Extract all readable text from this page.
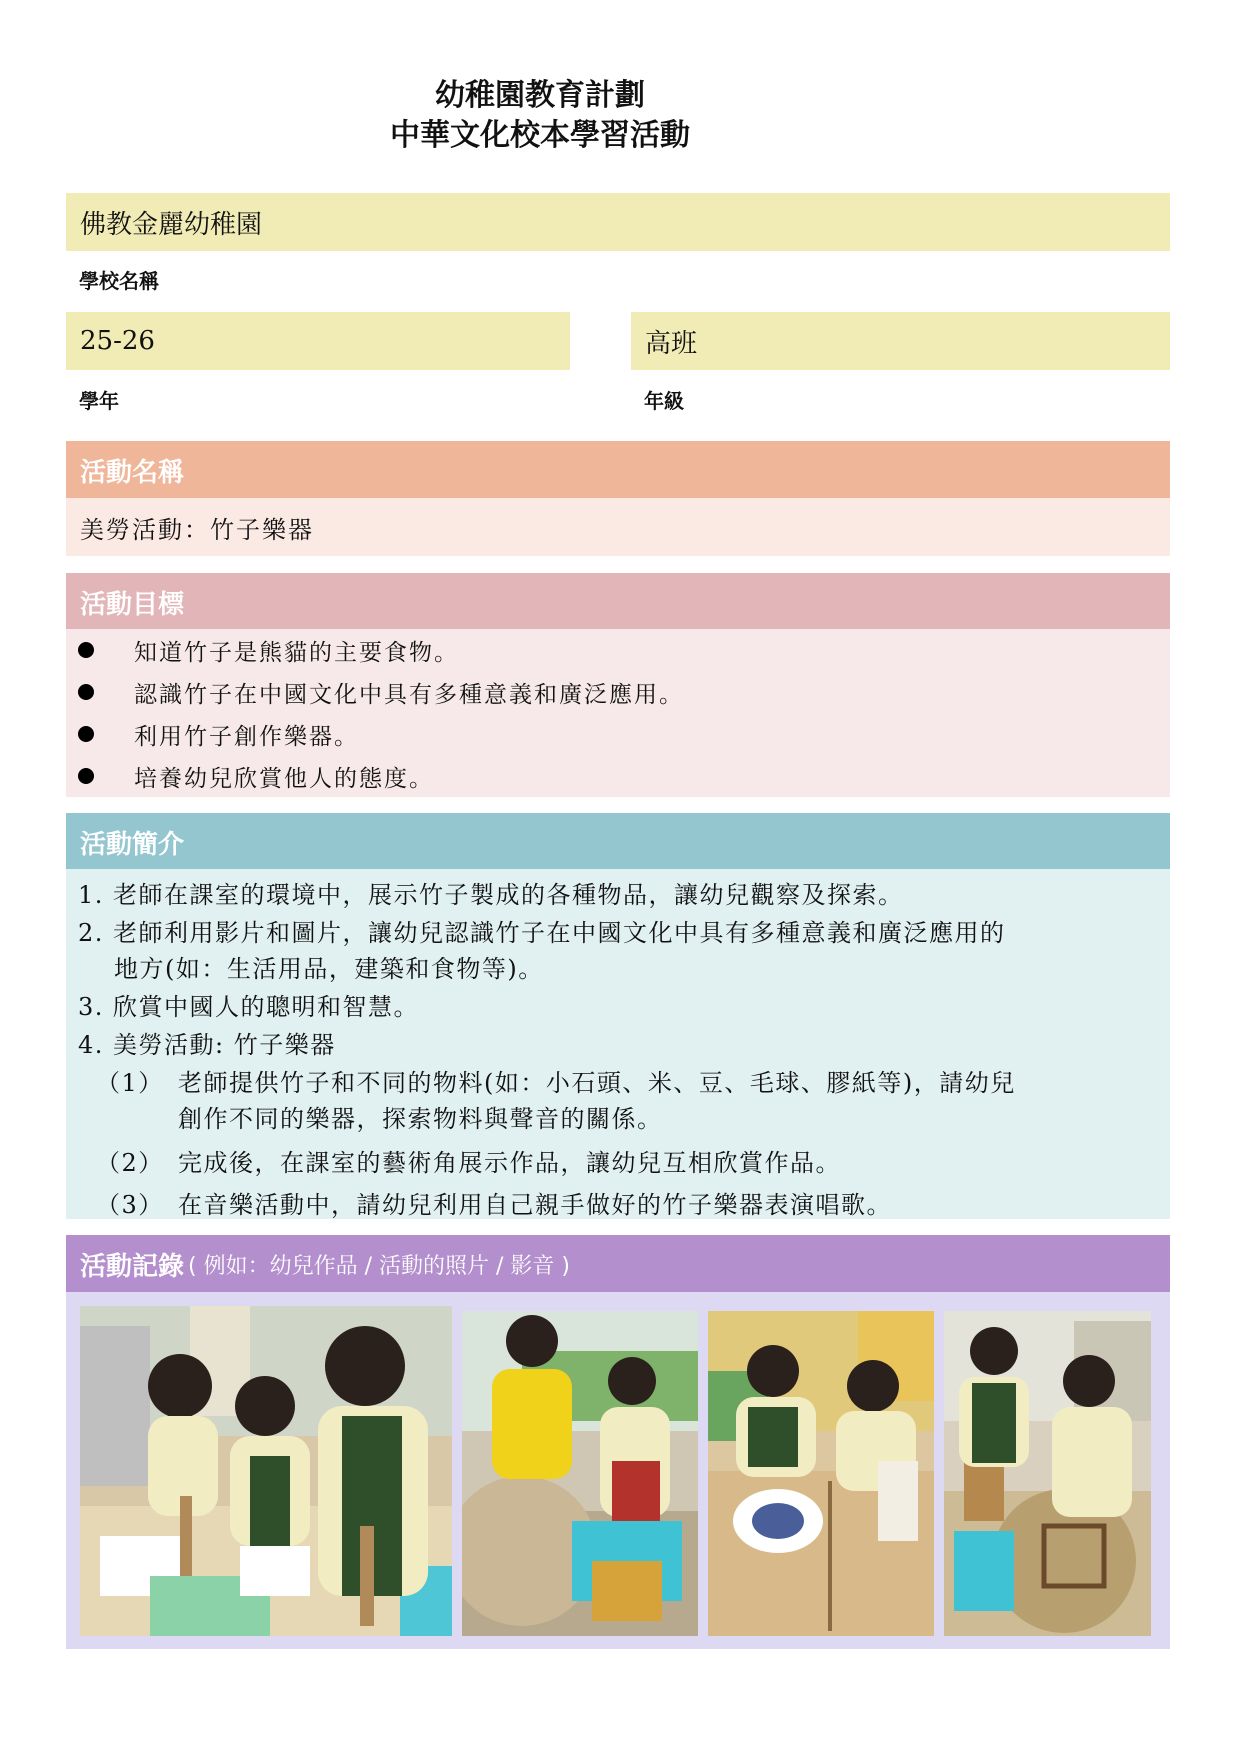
幼稚園教育計劃
中華文化校本學習活動
佛教金麗幼稚園
學校名稱
25-26
學年
高班
年級
活動名稱
美勞活動：竹子樂器
活動目標
知道竹子是熊貓的主要食物。
認識竹子在中國文化中具有多種意義和廣泛應用。
利用竹子創作樂器。
培養幼兒欣賞他人的態度。
活動簡介
1. 老師在課室的環境中，展示竹子製成的各種物品，讓幼兒觀察及探索。
2. 老師利用影片和圖片，讓幼兒認識竹子在中國文化中具有多種意義和廣泛應用的
地方(如：生活用品，建築和食物等)。
3. 欣賞中國人的聰明和智慧。
4. 美勞活動: 竹子樂器
（1） 老師提供竹子和不同的物料(如：小石頭、米、豆、毛球、膠紙等)，請幼兒
創作不同的樂器，探索物料與聲音的關係。
（2） 完成後，在課室的藝術角展示作品，讓幼兒互相欣賞作品。
（3） 在音樂活動中，請幼兒利用自己親手做好的竹子樂器表演唱歌。
活動記錄 ( 例如：幼兒作品 / 活動的照片 / 影音 )
